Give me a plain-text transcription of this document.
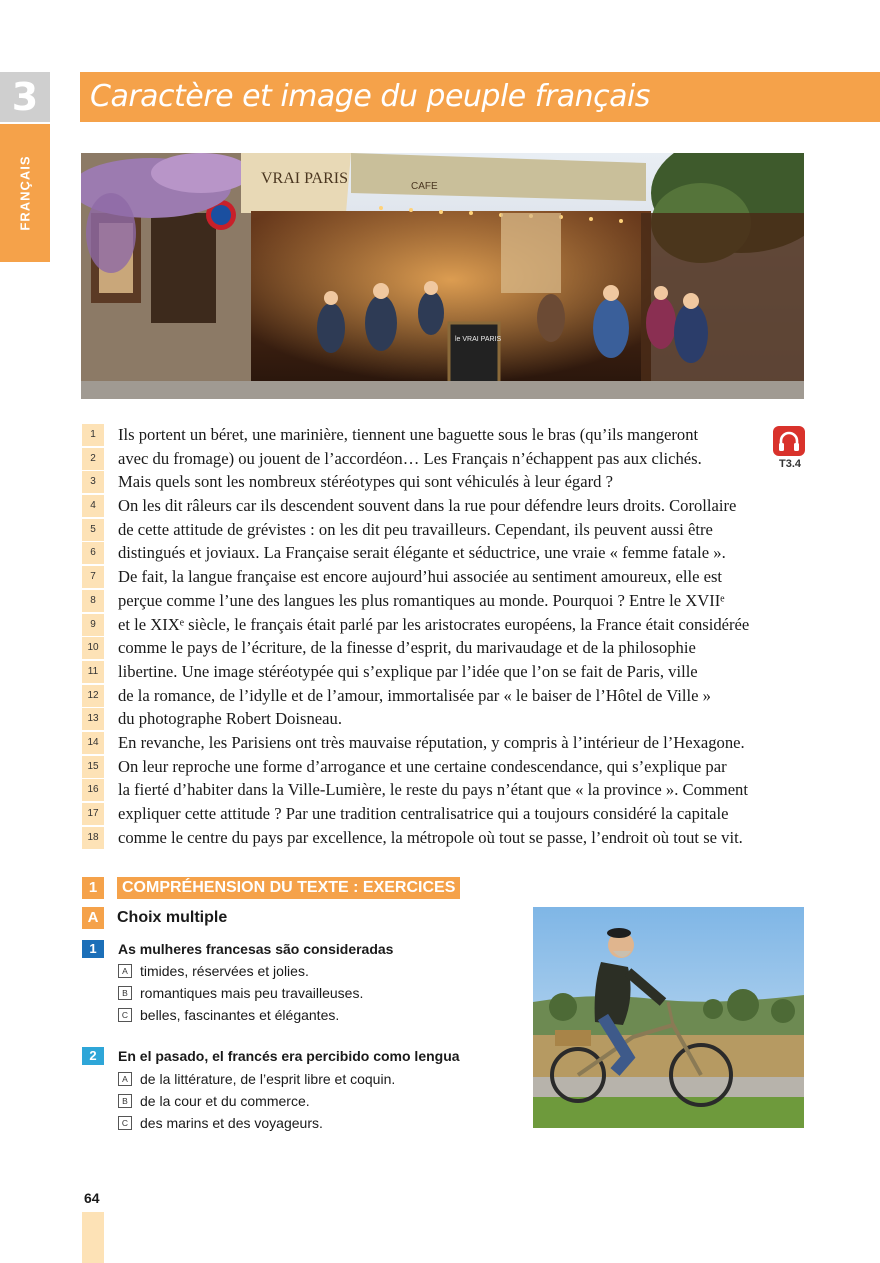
3
FRANÇAIS
Caractère et image du peuple français
VRAI PARIS	CAFE
le VRAI PARIS
1	Ils portent un béret, une marinière, tiennent une baguette sous le bras (qu’ils mangeront
2	avec du fromage) ou jouent de l’accordéon… Les Français n’échappent pas aux clichés.
3	Mais quels sont les nombreux stéréotypes qui sont véhiculés à leur égard ?
4	On les dit râleurs car ils descendent souvent dans la rue pour défendre leurs droits. Corollaire
5	de cette attitude de grévistes : on les dit peu travailleurs. Cependant, ils peuvent aussi être
6	distingués et joviaux. La Française serait élégante et séductrice, une vraie « femme fatale ».
7	De fait, la langue française est encore aujourd’hui associée au sentiment amoureux, elle est
8	perçue comme l’une des langues les plus romantiques au monde. Pourquoi ? Entre le XVIIᵉ
9	et le XIXᵉ siècle, le français était parlé par les aristocrates européens, la France était considérée
10	comme le pays de l’écriture, de la finesse d’esprit, du marivaudage et de la philosophie
11	libertine. Une image stéréotypée qui s’explique par l’idée que l’on se fait de Paris, ville
12	de la romance, de l’idylle et de l’amour, immortalisée par « le baiser de l’Hôtel de Ville »
13	du photographe Robert Doisneau.
14	En revanche, les Parisiens ont très mauvaise réputation, y compris à l’intérieur de l’Hexagone.
15	On leur reproche une forme d’arrogance et une certaine condescendance, qui s’explique par
16	la fierté d’habiter dans la Ville-Lumière, le reste du pays n’étant que « la province ». Comment
17	expliquer cette attitude ? Par une tradition centralisatrice qui a toujours considéré la capitale
18	comme le centre du pays par excellence, la métropole où tout se passe, l’endroit où tout se vit.
T3.4
1	COMPRÉHENSION DU TEXTE : EXERCICES
A	Choix multiple
1	As mulheres francesas são consideradas
A timides, réservées et jolies.
B romantiques mais peu travailleuses.
C belles, fascinantes et élégantes.
2	En el pasado, el francés era percibido como lengua
A de la littérature, de l’esprit libre et coquin.
B de la cour et du commerce.
C des marins et des voyageurs.
64
